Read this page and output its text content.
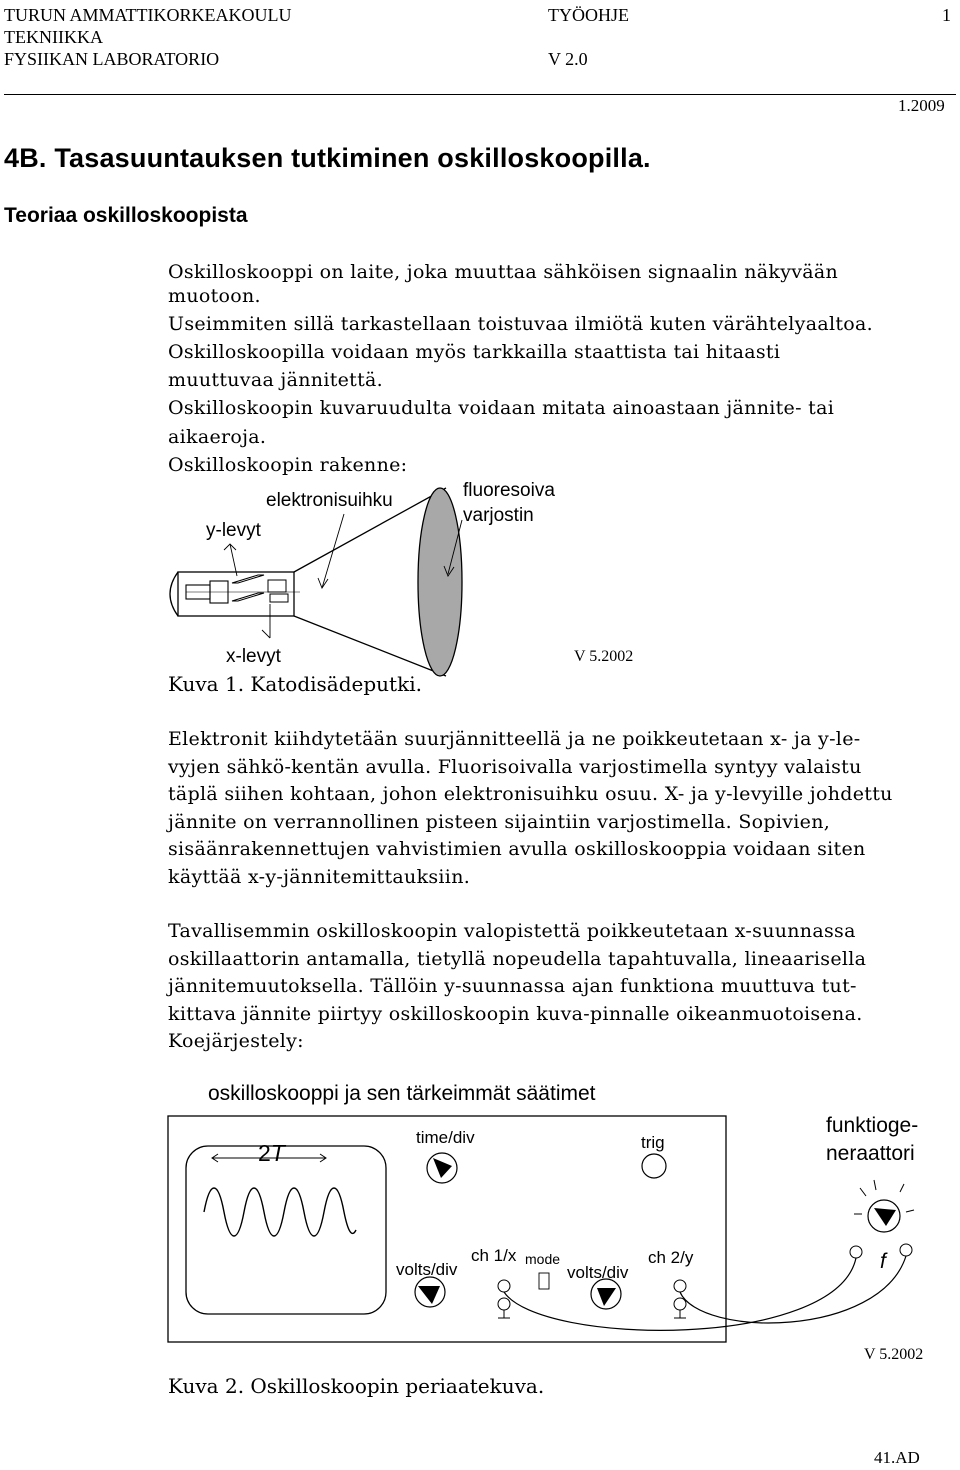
TURUN AMMATTIKORKEAKOULU
TEKNIIKKA
FYSIIKAN LABORATORIO
TYÖOHJE
V 2.0
1
1.2009
4B. Tasasuuntauksen tutkiminen oskilloskoopilla.
Teoriaa oskilloskoopista

Oskilloskooppi on laite, joka muuttaa sähköisen signaalin näkyvään

muotoon.

Useimmiten sillä tarkastellaan toistuvaa ilmiötä kuten värähtelyaaltoa.

Oskilloskoopilla voidaan myös tarkkailla staattista tai hitaasti

muuttuvaa jännitettä.

Oskilloskoopin kuvaruudulta voidaan mitata ainoastaan jännite- tai

aikaeroja.

Oskilloskoopin rakenne:

elektronisuihku	fluoresoiva
varjostin
y-levyt
x-levyt	V 5.2002
Kuva 1. Katodisädeputki.

Elektronit kiihdytetään suurjännitteellä ja ne poikkeutetaan x- ja y-le-

vyjen sähkö-kentän avulla. Fluorisoivalla varjostimella syntyy valaistu

täplä siihen kohtaan, johon elektronisuihku osuu. X- ja y-levyille johdettu

jännite on verrannollinen pisteen sijaintiin varjostimella. Sopivien,

sisäänrakennettujen vahvistimien avulla oskilloskooppia voidaan siten

käyttää x-y-jännitemittauksiin.

Tavallisemmin oskilloskoopin valopistettä poikkeutetaan x-suunnassa

oskillaattorin antamalla, tietyllä nopeudella tapahtuvalla, lineaarisella

jännitemuutoksella. Tällöin y-suunnassa ajan funktiona muuttuva tut-

kittava jännite piirtyy oskilloskoopin kuva-pinnalle oikeanmuotoisena.

Koejärjestely:

oskilloskooppi ja sen tärkeimmät säätimet
2T
time/div	trig
funktioge-
neraattori
volts/div
ch 1/x mode
volts/div
ch 2/y	f
V 5.2002
Kuva 2. Oskilloskoopin periaatekuva.
41.AD
